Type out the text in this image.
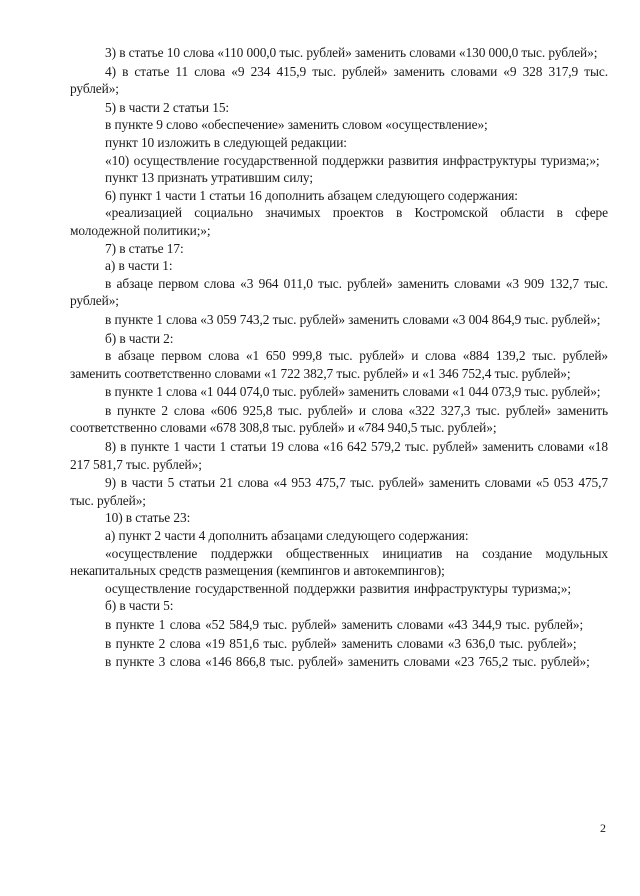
3) в статье 10 слова «110 000,0 тыс. рублей» заменить словами «130 000,0 тыс. рублей»;

4) в статье 11 слова «9 234 415,9 тыс. рублей» заменить словами «9 328 317,9 тыс. рублей»;

5) в части 2 статьи 15:

в пункте 9 слово «обеспечение» заменить словом «осуществление»;

пункт 10 изложить в следующей редакции:

«10) осуществление государственной поддержки развития инфраструктуры туризма;»;

пункт 13 признать утратившим силу;

6) пункт 1 части 1 статьи 16 дополнить абзацем следующего содержания:

«реализацией социально значимых проектов в Костромской области в сфере молодежной политики;»;

7) в статье 17:

а) в части 1:

в абзаце первом слова «3 964 011,0 тыс. рублей» заменить словами «3 909 132,7 тыс. рублей»;

в пункте 1 слова «3 059 743,2 тыс. рублей» заменить словами «3 004 864,9 тыс. рублей»;

б) в части 2:

в абзаце первом слова «1 650 999,8 тыс. рублей» и слова «884 139,2 тыс. рублей» заменить соответственно словами «1 722 382,7 тыс. рублей» и «1 346 752,4 тыс. рублей»;

в пункте 1 слова «1 044 074,0 тыс. рублей» заменить словами «1 044 073,9 тыс. рублей»;

в пункте 2 слова «606 925,8 тыс. рублей» и слова «322 327,3 тыс. рублей» заменить соответственно словами «678 308,8 тыс. рублей» и «784 940,5 тыс. рублей»;

8) в пункте 1 части 1 статьи 19 слова «16 642 579,2 тыс. рублей» заменить словами «18 217 581,7 тыс. рублей»;

9) в части 5 статьи 21 слова «4 953 475,7 тыс. рублей» заменить словами «5 053 475,7 тыс. рублей»;

10) в статье 23:

а) пункт 2 части 4 дополнить абзацами следующего содержания:

«осуществление поддержки общественных инициатив на создание модульных некапитальных средств размещения (кемпингов и автокемпингов);

осуществление государственной поддержки развития инфраструктуры туризма;»;

б) в части 5:

в пункте 1 слова «52 584,9 тыс. рублей» заменить словами «43 344,9 тыс. рублей»;

в пункте 2 слова «19 851,6 тыс. рублей» заменить словами «3 636,0 тыс. рублей»;

в пункте 3 слова «146 866,8 тыс. рублей» заменить словами «23 765,2 тыс. рублей»;

2
